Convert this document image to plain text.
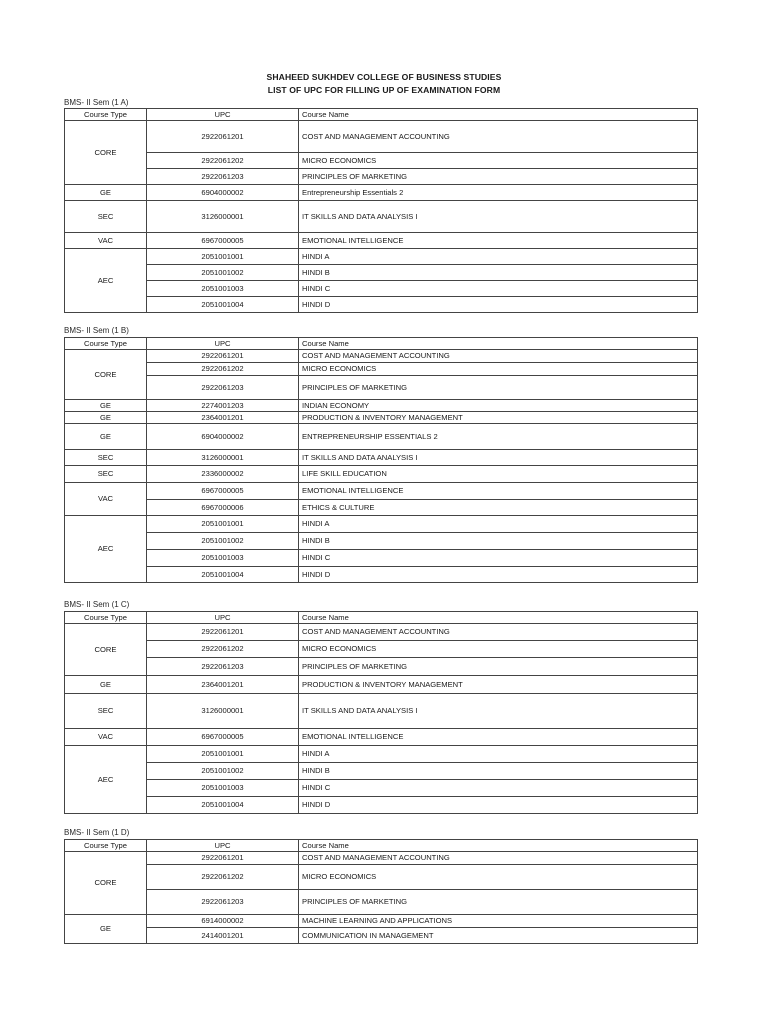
SHAHEED SUKHDEV COLLEGE OF BUSINESS STUDIES
LIST OF UPC FOR FILLING UP OF EXAMINATION FORM
BMS- II Sem (1 A)
Course Type	UPC	Course Name
CORE	2922061201	COST AND MANAGEMENT ACCOUNTING
	2922061202	MICRO ECONOMICS
	2922061203	PRINCIPLES OF MARKETING
GE	6904000002	Entrepreneurship Essentials 2
SEC	3126000001	IT SKILLS AND DATA ANALYSIS I
VAC	6967000005	EMOTIONAL INTELLIGENCE
AEC	2051001001	HINDI A
	2051001002	HINDI B
	2051001003	HINDI C
	2051001004	HINDI D
BMS- II Sem (1 B)
Course Type	UPC	Course Name
CORE	2922061201	COST AND MANAGEMENT ACCOUNTING
	2922061202	MICRO ECONOMICS
	2922061203	PRINCIPLES OF MARKETING
GE	2274001203	INDIAN ECONOMY
GE	2364001201	PRODUCTION & INVENTORY MANAGEMENT
GE	6904000002	ENTREPRENEURSHIP ESSENTIALS 2
SEC	3126000001	IT SKILLS AND DATA ANALYSIS I
SEC	2336000002	LIFE SKILL EDUCATION
VAC	6967000005	EMOTIONAL INTELLIGENCE
	6967000006	ETHICS & CULTURE
AEC	2051001001	HINDI A
	2051001002	HINDI B
	2051001003	HINDI C
	2051001004	HINDI D
BMS- II Sem (1 C)
Course Type	UPC	Course Name
CORE	2922061201	COST AND MANAGEMENT ACCOUNTING
	2922061202	MICRO ECONOMICS
	2922061203	PRINCIPLES OF MARKETING
GE	2364001201	PRODUCTION & INVENTORY MANAGEMENT
SEC	3126000001	IT SKILLS AND DATA ANALYSIS I
VAC	6967000005	EMOTIONAL INTELLIGENCE
AEC	2051001001	HINDI A
	2051001002	HINDI B
	2051001003	HINDI C
	2051001004	HINDI D
BMS- II Sem (1 D)
Course Type	UPC	Course Name
CORE	2922061201	COST AND MANAGEMENT ACCOUNTING
	2922061202	MICRO ECONOMICS
	2922061203	PRINCIPLES OF MARKETING
GE	6914000002	MACHINE LEARNING AND APPLICATIONS
	2414001201	COMMUNICATION IN MANAGEMENT
